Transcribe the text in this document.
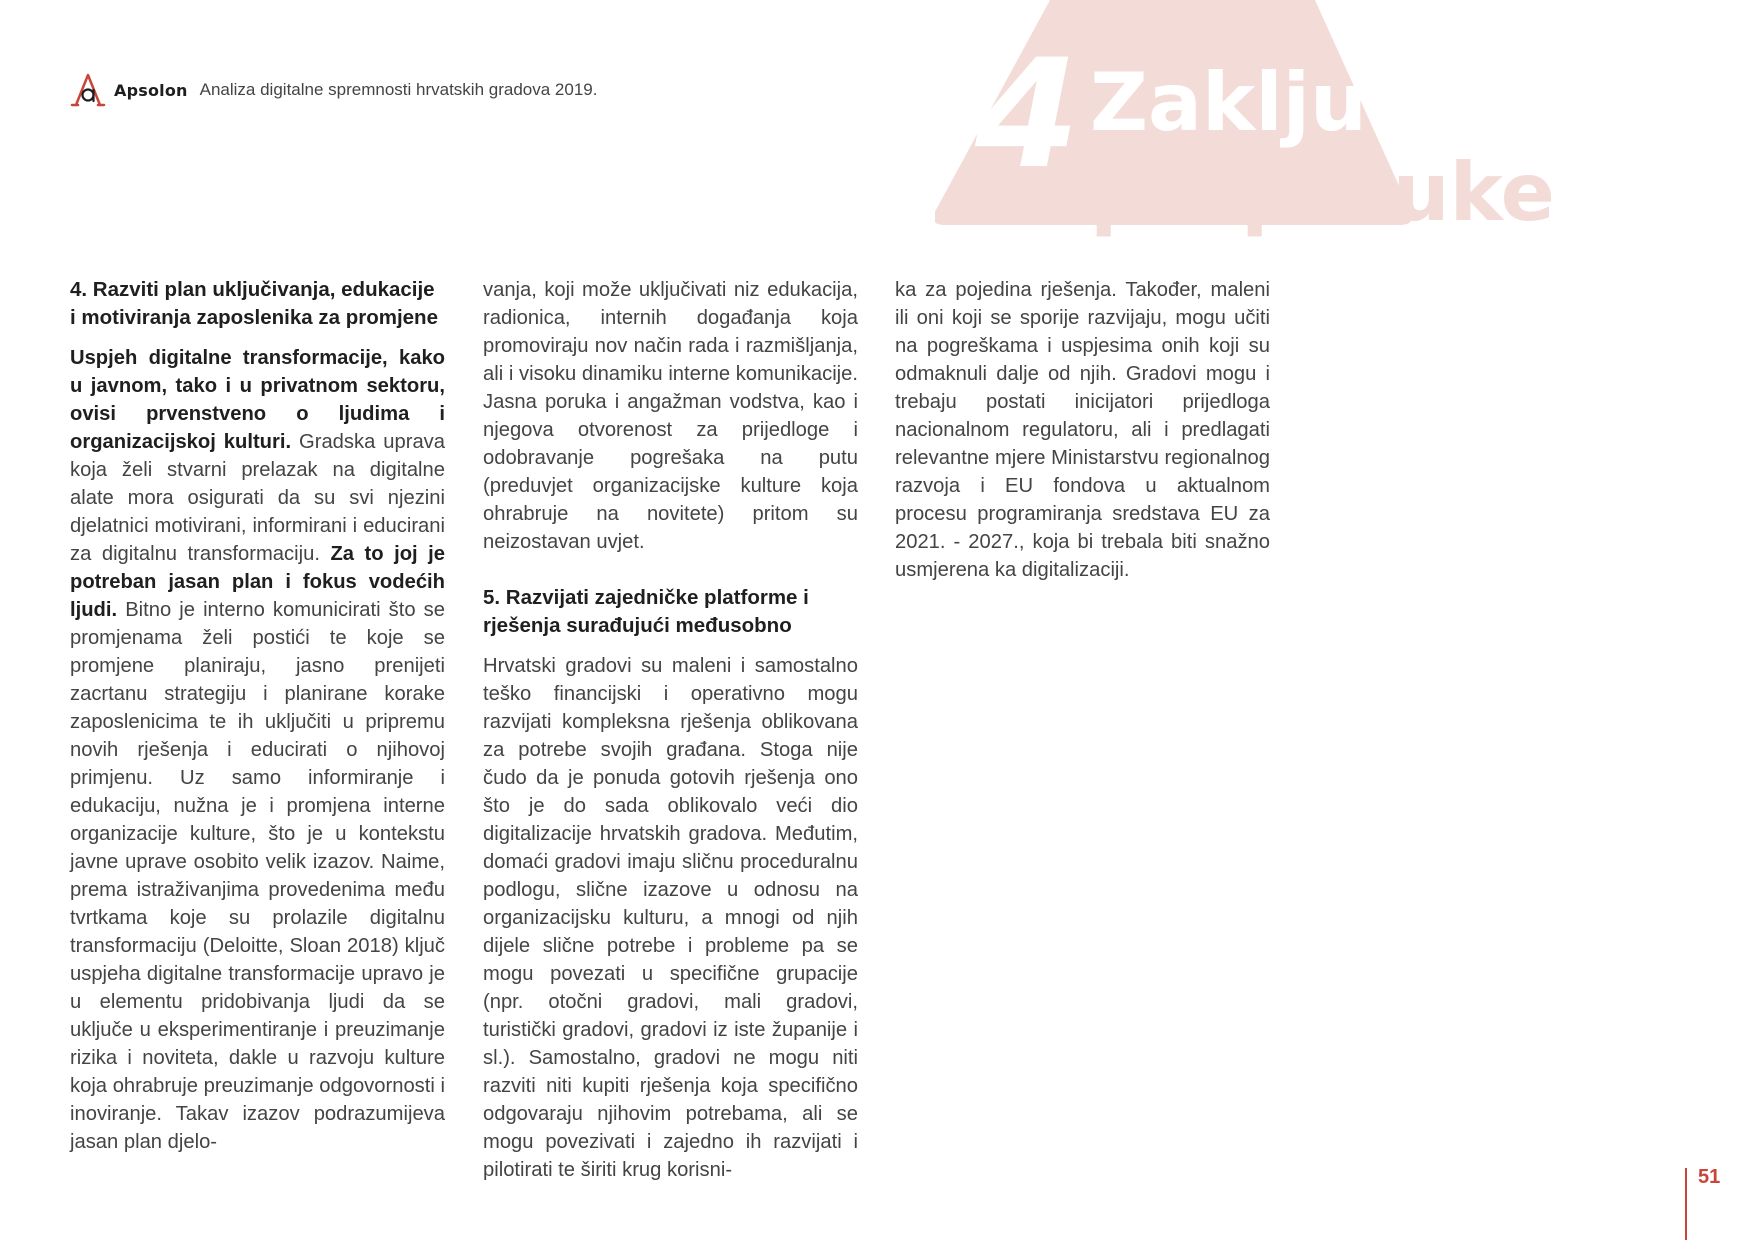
Apsolon Analiza digitalne spremnosti hrvatskih gradova 2019.	4 Zaključci i
preporuke
4. Razviti plan uključivanja, edukacije i motiviranja zaposlenika za promjene

Uspjeh digitalne transformacije, kako u javnom, tako i u privatnom sektoru, ovisi prvenstveno o ljudima i organizacijskoj kulturi. Gradska uprava koja želi stvarni prelazak na digitalne alate mora osigurati da su svi njezini djelatnici motivirani, informirani i educirani za digitalnu transformaciju. Za to joj je potreban jasan plan i fokus vodećih ljudi. Bitno je interno komunicirati što se promjenama želi postići te koje se promjene planiraju, jasno prenijeti zacrtanu strategiju i planirane korake zaposlenicima te ih uključiti u pripremu novih rješenja i educirati o njihovoj primjenu. Uz samo informiranje i edukaciju, nužna je i promjena interne organizacije kulture, što je u kontekstu javne uprave osobito velik izazov. Naime, prema istraživanjima provedenima među tvrtkama koje su prolazile digitalnu transformaciju (Deloitte, Sloan 2018) ključ uspjeha digitalne transformacije upravo je u elementu pridobivanja ljudi da se uključe u eksperimentiranje i preuzimanje rizika i noviteta, dakle u razvoju kulture koja ohrabruje preuzimanje odgovornosti i inoviranje. Takav izazov podrazumijeva jasan plan djelo-

vanja, koji može uključivati niz edukacija, radionica, internih događanja koja promoviraju nov način rada i razmišljanja, ali i visoku dinamiku interne komunikacije. Jasna poruka i angažman vodstva, kao i njegova otvorenost za prijedloge i odobravanje pogrešaka na putu (preduvjet organizacijske kulture koja ohrabruje na novitete) pritom su neizostavan uvjet.

5. Razvijati zajedničke platforme i rješenja surađujući međusobno

Hrvatski gradovi su maleni i samostalno teško financijski i operativno mogu razvijati kompleksna rješenja oblikovana za potrebe svojih građana. Stoga nije čudo da je ponuda gotovih rješenja ono što je do sada oblikovalo veći dio digitalizacije hrvatskih gradova. Međutim, domaći gradovi imaju sličnu proceduralnu podlogu, slične izazove u odnosu na organizacijsku kulturu, a mnogi od njih dijele slične potrebe i probleme pa se mogu povezati u specifične grupacije (npr. otočni gradovi, mali gradovi, turistički gradovi, gradovi iz iste županije i sl.). Samostalno, gradovi ne mogu niti razviti niti kupiti rješenja koja specifično odgovaraju njihovim potrebama, ali se mogu povezivati i zajedno ih razvijati i pilotirati te širiti krug korisni-

ka za pojedina rješenja. Također, maleni ili oni koji se sporije razvijaju, mogu učiti na pogreškama i uspjesima onih koji su odmaknuli dalje od njih. Gradovi mogu i trebaju postati inicijatori prijedloga nacionalnom regulatoru, ali i predlagati relevantne mjere Ministarstvu regionalnog razvoja i EU fondova u aktualnom procesu programiranja sredstava EU za 2021. - 2027., koja bi trebala biti snažno usmjerena ka digitalizaciji.

51
